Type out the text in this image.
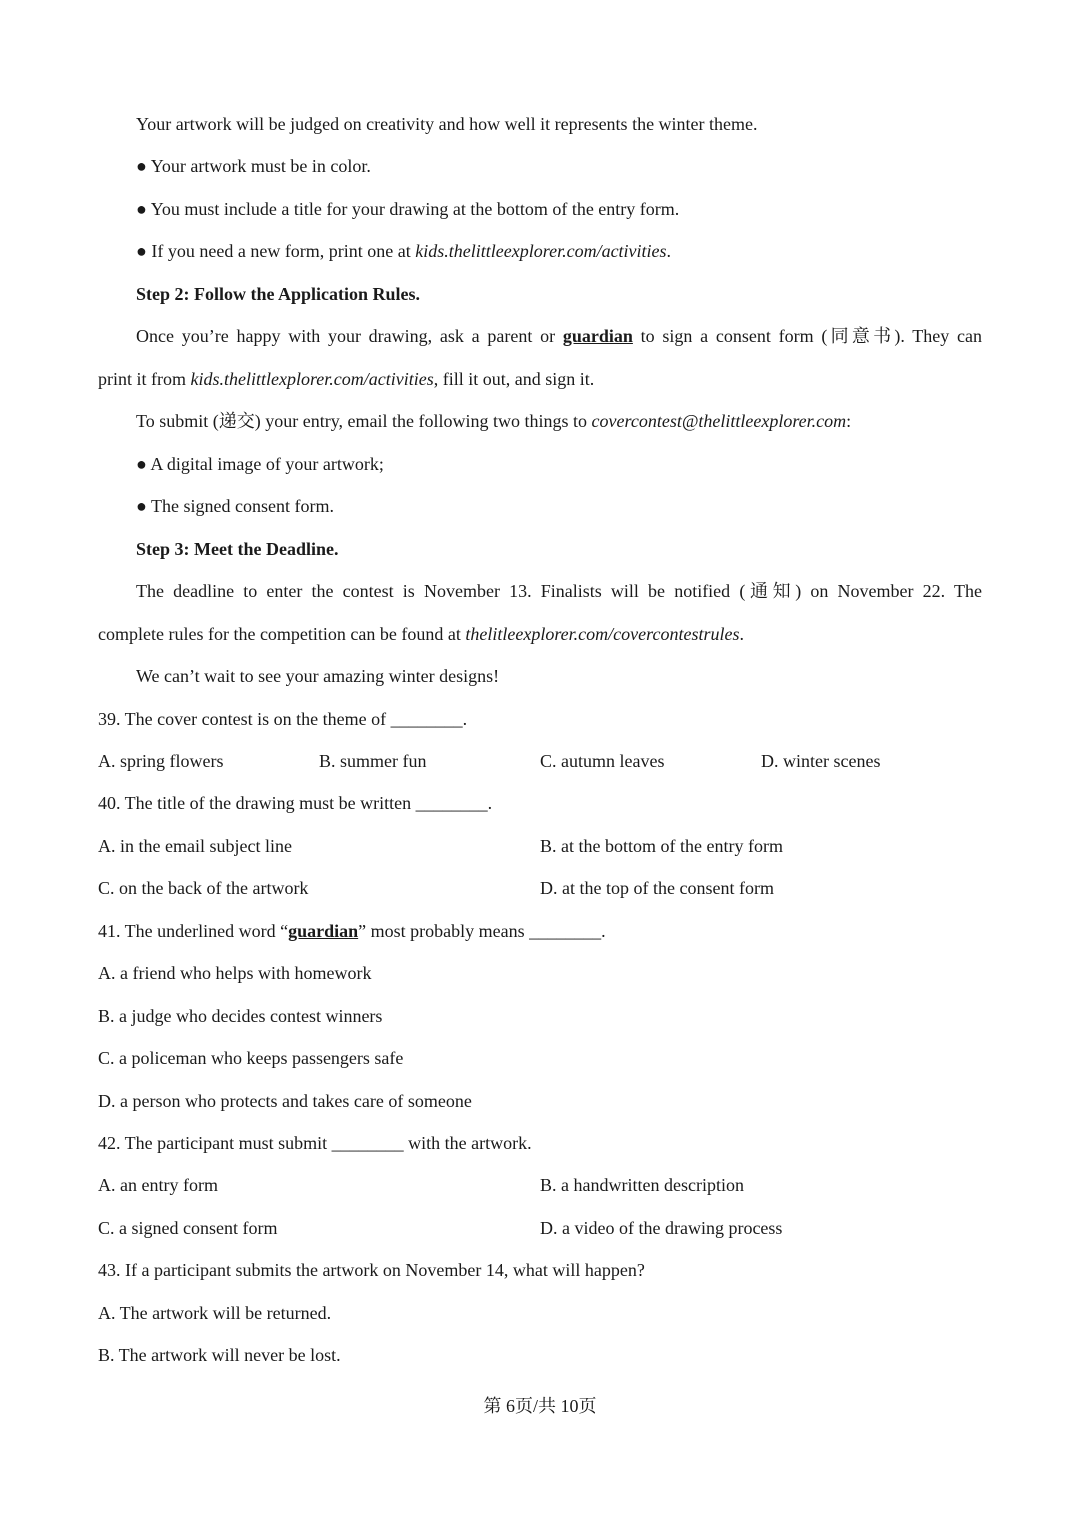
Your artwork will be judged on creativity and how well it represents the winter theme.
● Your artwork must be in color.
● You must include a title for your drawing at the bottom of the entry form.
● If you need a new form, print one at kids.thelittleexplorer.com/activities.
Step 2: Follow the Application Rules.
Once you’re happy with your drawing, ask a parent or guardian to sign a consent form (同意书). They can
print it from kids.thelittlexplorer.com/activities, fill it out, and sign it.
To submit (递交) your entry, email the following two things to covercontest@thelittleexplorer.com:
● A digital image of your artwork;
● The signed consent form.
Step 3: Meet the Deadline.
The deadline to enter the contest is November 13. Finalists will be notified (通知) on November 22. The
complete rules for the competition can be found at thelitleexplorer.com/covercontestrules.
We can’t wait to see your amazing winter designs!
39. The cover contest is on the theme of ________.
A. spring flowers	B. summer fun	C. autumn leaves	D. winter scenes
40. The title of the drawing must be written ________.
A. in the email subject line	B. at the bottom of the entry form
C. on the back of the artwork	D. at the top of the consent form
41. The underlined word “guardian” most probably means ________.
A. a friend who helps with homework
B. a judge who decides contest winners
C. a policeman who keeps passengers safe
D. a person who protects and takes care of someone
42. The participant must submit ________ with the artwork.
A. an entry form	B. a handwritten description
C. a signed consent form	D. a video of the drawing process
43. If a participant submits the artwork on November 14, what will happen?
A. The artwork will be returned.
B. The artwork will never be lost.
第 6页/共 10页
